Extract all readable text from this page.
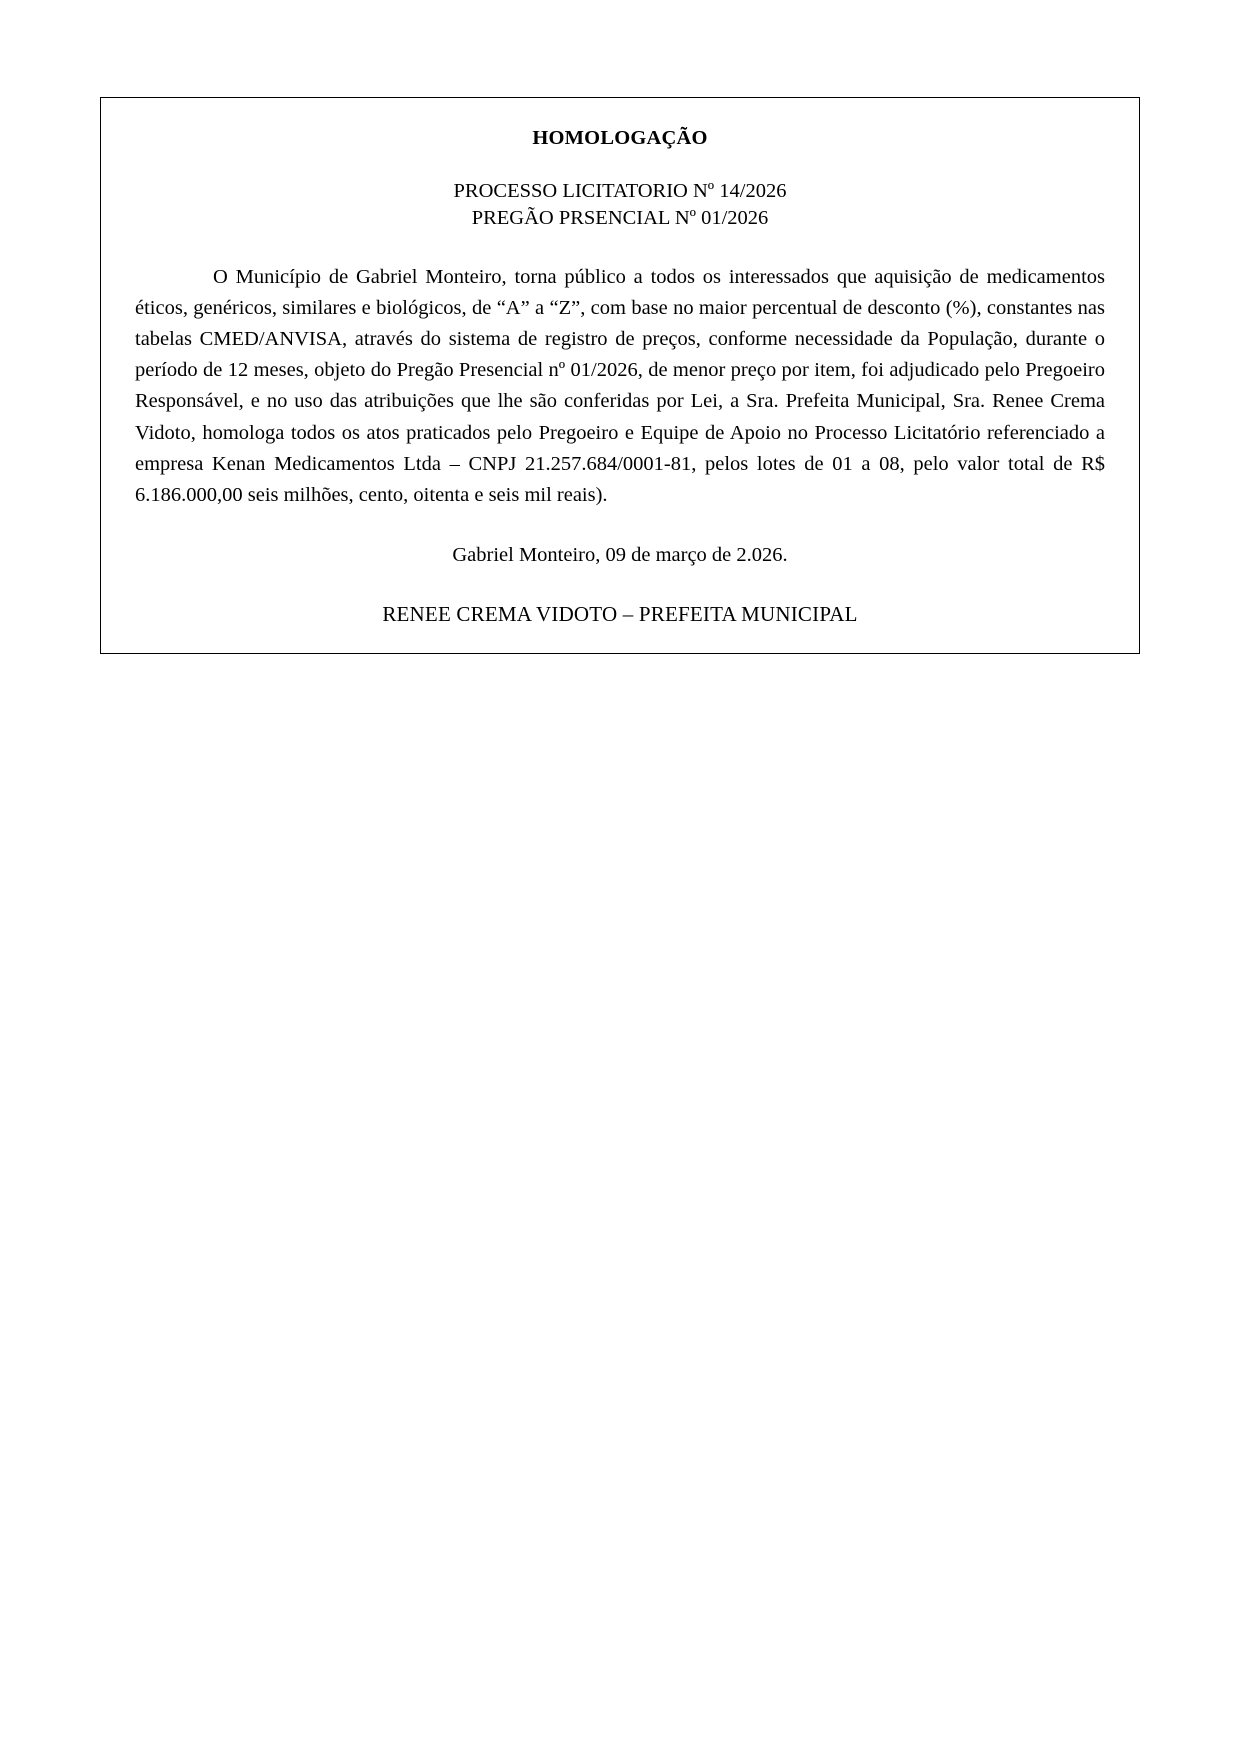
HOMOLOGAÇÃO
PROCESSO LICITATORIO Nº 14/2026
PREGÃO PRSENCIAL Nº 01/2026

O Município de Gabriel Monteiro, torna público a todos os interessados que aquisição de medicamentos éticos, genéricos, similares e biológicos, de “A” a “Z”, com base no maior percentual de desconto (%), constantes nas tabelas CMED/ANVISA, através do sistema de registro de preços, conforme necessidade da População, durante o período de 12 meses, objeto do Pregão Presencial nº 01/2026, de menor preço por item, foi adjudicado pelo Pregoeiro Responsável, e no uso das atribuições que lhe são conferidas por Lei, a Sra. Prefeita Municipal, Sra. Renee Crema Vidoto, homologa todos os atos praticados pelo Pregoeiro e Equipe de Apoio no Processo Licitatório referenciado a empresa Kenan Medicamentos Ltda – CNPJ 21.257.684/0001-81, pelos lotes de 01 a 08, pelo valor total de R$ 6.186.000,00 seis milhões, cento, oitenta e seis mil reais).

Gabriel Monteiro, 09 de março de 2.026.

RENEE CREMA VIDOTO – PREFEITA MUNICIPAL
